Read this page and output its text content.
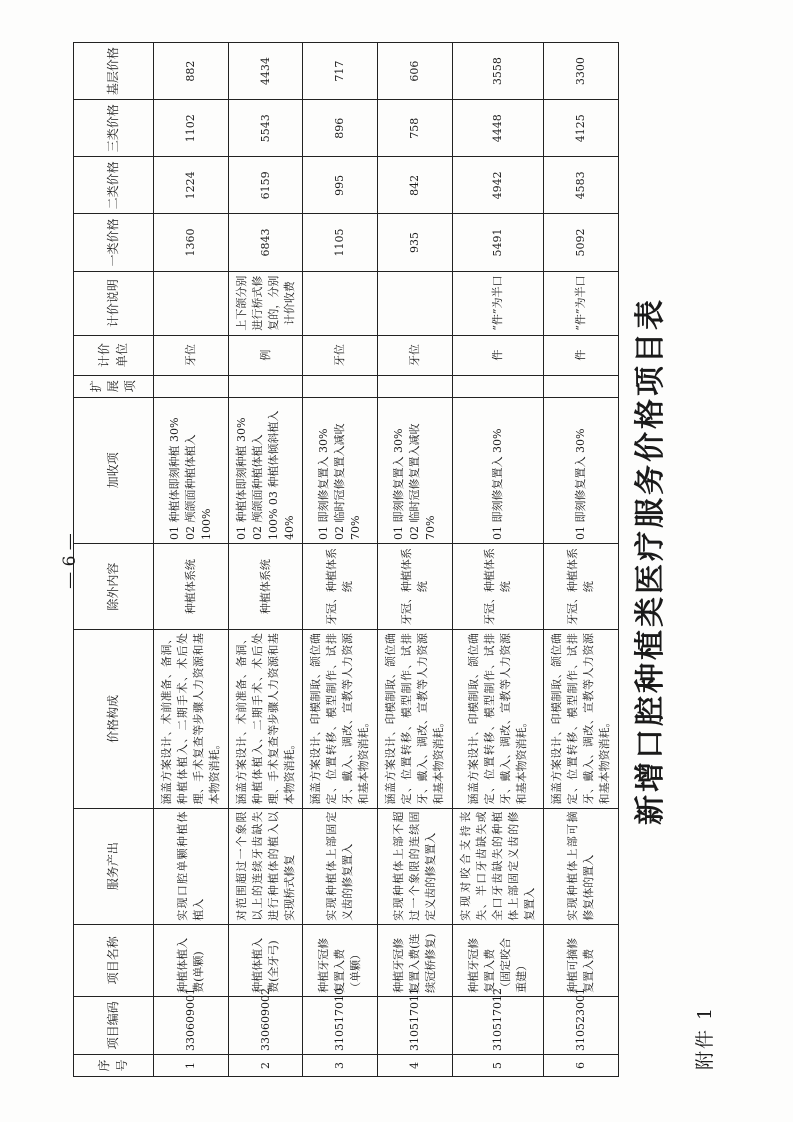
附件 1
新增口腔种植类医疗服务价格项目表
序号	项目编码	项目名称	服务产出	价格构成	除外内容	加收项	扩展项	计价单位	计价说明	一类价格	二类价格	三类价格	基层价格
1	330609001	种植体植入费(单颗)	实现口腔单颗种植体植入	涵盖方案设计、术前准备、备洞、种植体植入、二期手术、术后处理、手术复查等步骤人力资源和基本物资消耗。	种植体系统	01 种植体即刻种植 30%
02 颅颌面种植体植入 100%		牙位		1360	1224	1102	882
2	330609002	种植体植入费(全牙弓)	对范围超过一个象限以上的连续牙齿缺失进行种植体的植入以实现桥式修复	涵盖方案设计、术前准备、备洞、种植体植入、二期手术、术后处理、手术复查等步骤人力资源和基本物资消耗。	种植体系统	01 种植体即刻种植 30%
02 颅颌面种植体植入 100% 03 种植体倾斜植入 40%		例	上下颌分别进行桥式修复的，分别计价收费	6843	6159	5543	4434
3	310517010	种植牙冠修复置入费（单颗）	实现种植体上部固定义齿的修复置入	涵盖方案设计、印模制取、颌位确定、位置转移、模型制作、试排牙、戴入、调改、宣教等人力资源和基本物资消耗。	牙冠、种植体系统	01 即刻修复置入 30%
02 临时冠修复置入减收 70%		牙位		1105	995	896	717
4	310517011	种植牙冠修复置入费(连续冠桥修复)	实现种植体上部不超过一个象限的连续固定义齿的修复置入	涵盖方案设计、印模制取、颌位确定、位置转移、模型制作、试排牙、戴入、调改、宣教等人力资源和基本物资消耗。	牙冠、种植体系统	01 即刻修复置入 30%
02 临时冠修复置入减收 70%		牙位		935	842	758	606
5	310517012	种植牙冠修复置入费（固定咬合重建）	实现对咬合支持丧失、半口牙齿缺失或全口牙齿缺失的种植体上部固定义齿的修复置入	涵盖方案设计、印模制取、颌位确定、位置转移、模型制作、试排牙、戴入、调改、宣教等人力资源和基本物资消耗。	牙冠、种植体系统	01 即刻修复置入 30%		件	“件”为半口	5491	4942	4448	3558
6	310523001	种植可摘修复置入费	实现种植体上部可摘修复体的置入	涵盖方案设计、印模制取、颌位确定、位置转移、模型制作、试排牙、戴入、调改、宣教等人力资源和基本物资消耗。	牙冠、种植体系统	01 即刻修复置入 30%		件	“件”为半口	5092	4583	4125	3300
— 6 —
